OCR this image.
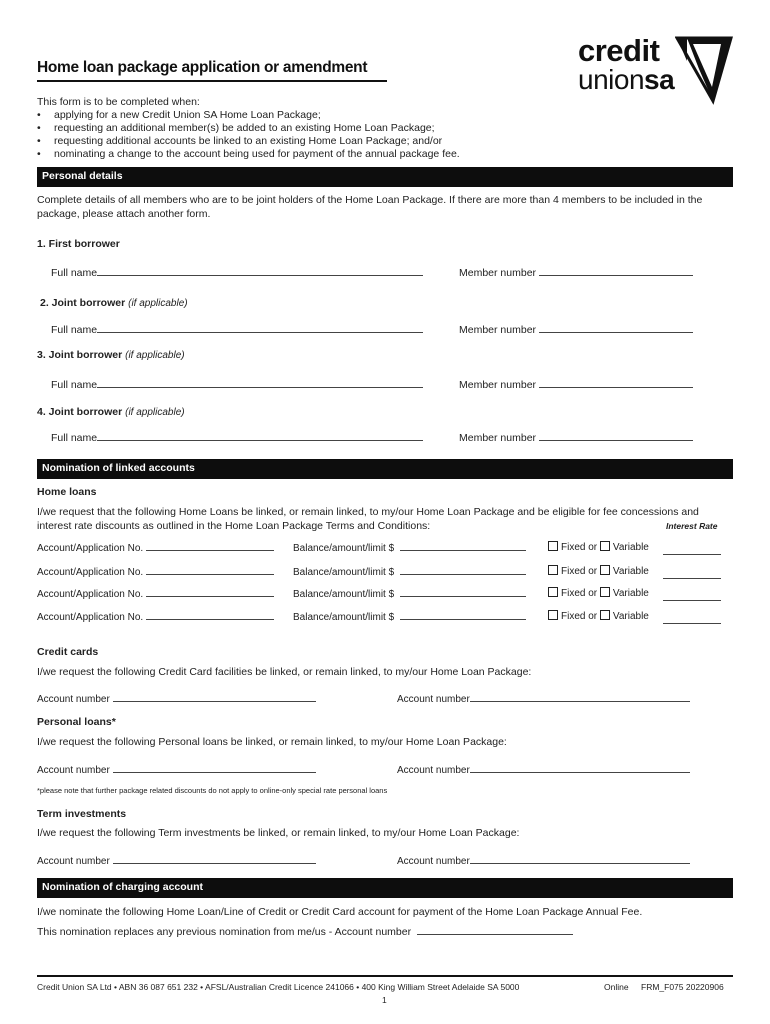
Home loan package application or amendment	credit
unionsa
This form is to be completed when:
• applying for a new Credit Union SA Home Loan Package;
• requesting an additional member(s) be added to an existing Home Loan Package;
• requesting additional accounts be linked to an existing Home Loan Package; and/or
• nominating a change to the account being used for payment of the annual package fee.
Personal details
Complete details of all members who are to be joint holders of the Home Loan Package. If there are more than 4 members to be included in the package, please attach another form.
1. First borrower
Full name	Member number
2. Joint borrower (if applicable)
Full name	Member number
3. Joint borrower (if applicable)
Full name	Member number
4. Joint borrower (if applicable)
Full name	Member number
Nomination of linked accounts
Home loans
I/we request that the following Home Loans be linked, or remain linked, to my/our Home Loan Package and be eligible for fee concessions and
interest rate discounts as outlined in the Home Loan Package Terms and Conditions:	Interest Rate
Account/Application No.	Balance/amount/limit $	Fixed or Variable
Account/Application No.	Balance/amount/limit $	Fixed or Variable
Account/Application No.	Balance/amount/limit $	Fixed or Variable
Account/Application No.	Balance/amount/limit $	Fixed or Variable
Credit cards
I/we request the following Credit Card facilities be linked, or remain linked, to my/our Home Loan Package:
Account number	Account number
Personal loans*
I/we request the following Personal loans be linked, or remain linked, to my/our Home Loan Package:
Account number	Account number
*please note that further package related discounts do not apply to online-only special rate personal loans
Term investments
I/we request the following Term investments be linked, or remain linked, to my/our Home Loan Package:
Account number	Account number
Nomination of charging account
I/we nominate the following Home Loan/Line of Credit or Credit Card account for payment of the Home Loan Package Annual Fee.
This nomination replaces any previous nomination from me/us - Account number
Credit Union SA Ltd • ABN 36 087 651 232 • AFSL/Australian Credit Licence 241066 • 400 King William Street Adelaide SA 5000	Online FRM_F075 20220906
1
